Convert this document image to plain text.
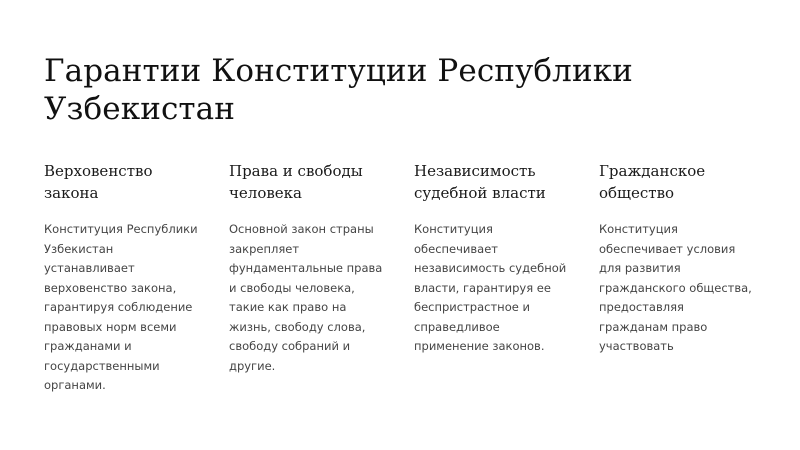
Гарантии Конституции Республики Узбекистан
Верховенство закона

Конституция Республики Узбекистан устанавливает верховенство закона, гарантируя соблюдение правовых норм всеми гражданами и государственными органами.

Права и свободы человека

Основной закон страны закрепляет фундаментальные права и свободы человека, такие как право на жизнь, свободу слова, свободу собраний и другие.

Независимость судебной власти

Конституция обеспечивает независимость судебной власти, гарантируя ее беспристрастное и справедливое применение законов.

Гражданское общество

Конституция обеспечивает условия для развития гражданского общества, предоставляя гражданам право участвовать
